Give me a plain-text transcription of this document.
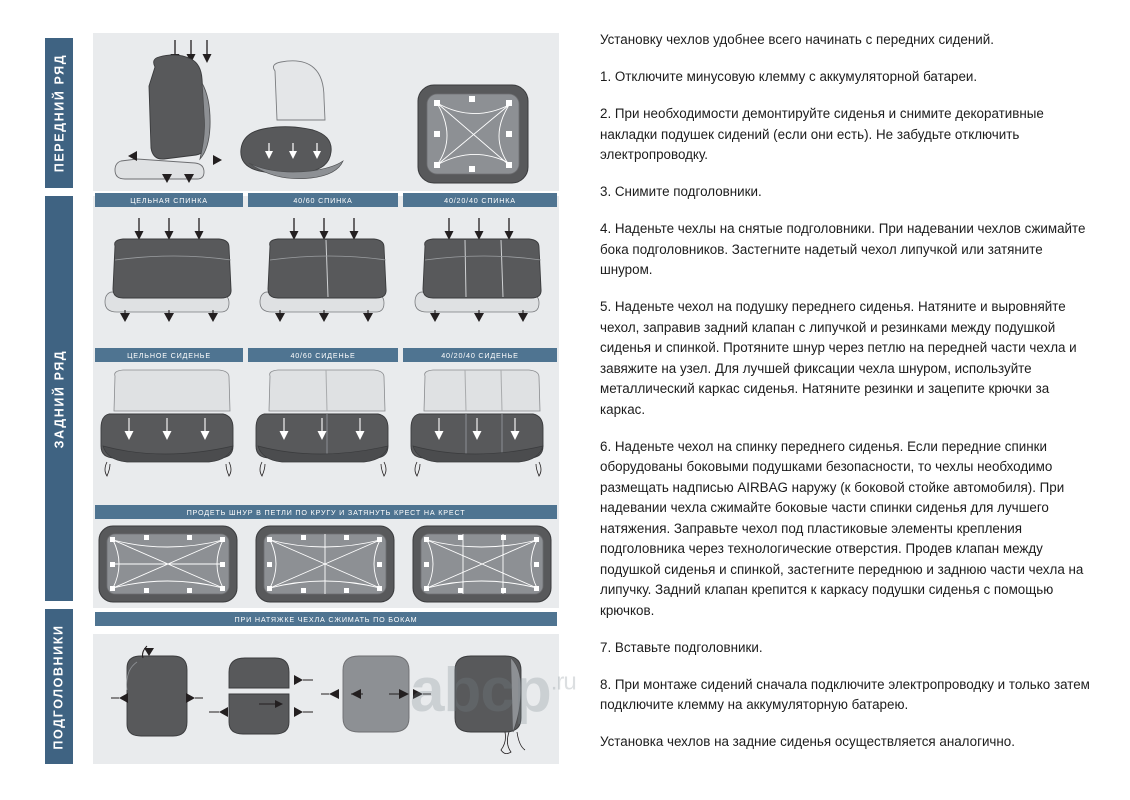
ПЕРЕДНИЙ РЯД
ЗАДНИЙ РЯД
ПОДГОЛОВНИКИ
ЦЕЛЬНАЯ СПИНКА	40/60 СПИНКА	40/20/40 СПИНКА
ЦЕЛЬНОЕ СИДЕНЬЕ	40/60 СИДЕНЬЕ	40/20/40 СИДЕНЬЕ
ПРОДЕТЬ ШНУР В ПЕТЛИ ПО КРУГУ И ЗАТЯНУТЬ КРЕСТ НА КРЕСТ
ПРИ НАТЯЖКЕ ЧЕХЛА СЖИМАТЬ ПО БОКАМ
abcp$^{.ru}$

Установку чехлов удобнее всего начинать с передних сидений.

1. Отключите минусовую клемму с аккумуляторной батареи.

2. При необходимости демонтируйте сиденья и снимите декоративные накладки подушек сидений (если они есть). Не забудьте отключить электропроводку.

3. Снимите подголовники.

4. Наденьте чехлы на снятые подголовники. При надевании чехлов сжимайте бока подголовников. Застегните надетый чехол липучкой или затяните шнуром.

5. Наденьте чехол на подушку переднего сиденья. Натяните и выровняйте чехол, заправив задний клапан с липучкой и резинками между подушкой сиденья и спинкой. Протяните шнур через петлю на передней части чехла и завяжите на узел. Для лучшей фиксации чехла шнуром, используйте металлический каркас сиденья. Натяните резинки и зацепите крючки за каркас.

6. Наденьте чехол на спинку переднего сиденья. Если передние спинки оборудованы боковыми подушками безопасности, то чехлы необходимо размещать надписью AIRBAG наружу (к боковой стойке автомобиля). При надевании чехла сжимайте боковые части спинки сиденья для лучшего натяжения. Заправьте чехол под пластиковые элементы крепления подголовника через технологические отверстия. Продев клапан между подушкой сиденья и спинкой, застегните переднюю и заднюю части чехла на липучку. Задний клапан крепится к каркасу подушки сиденья с помощью крючков.

7. Вставьте подголовники.

8. При монтаже сидений сначала подключите электропроводку и только затем подключите клемму на аккумуляторную батарею.

Установка чехлов на задние сиденья осуществляется аналогично.
